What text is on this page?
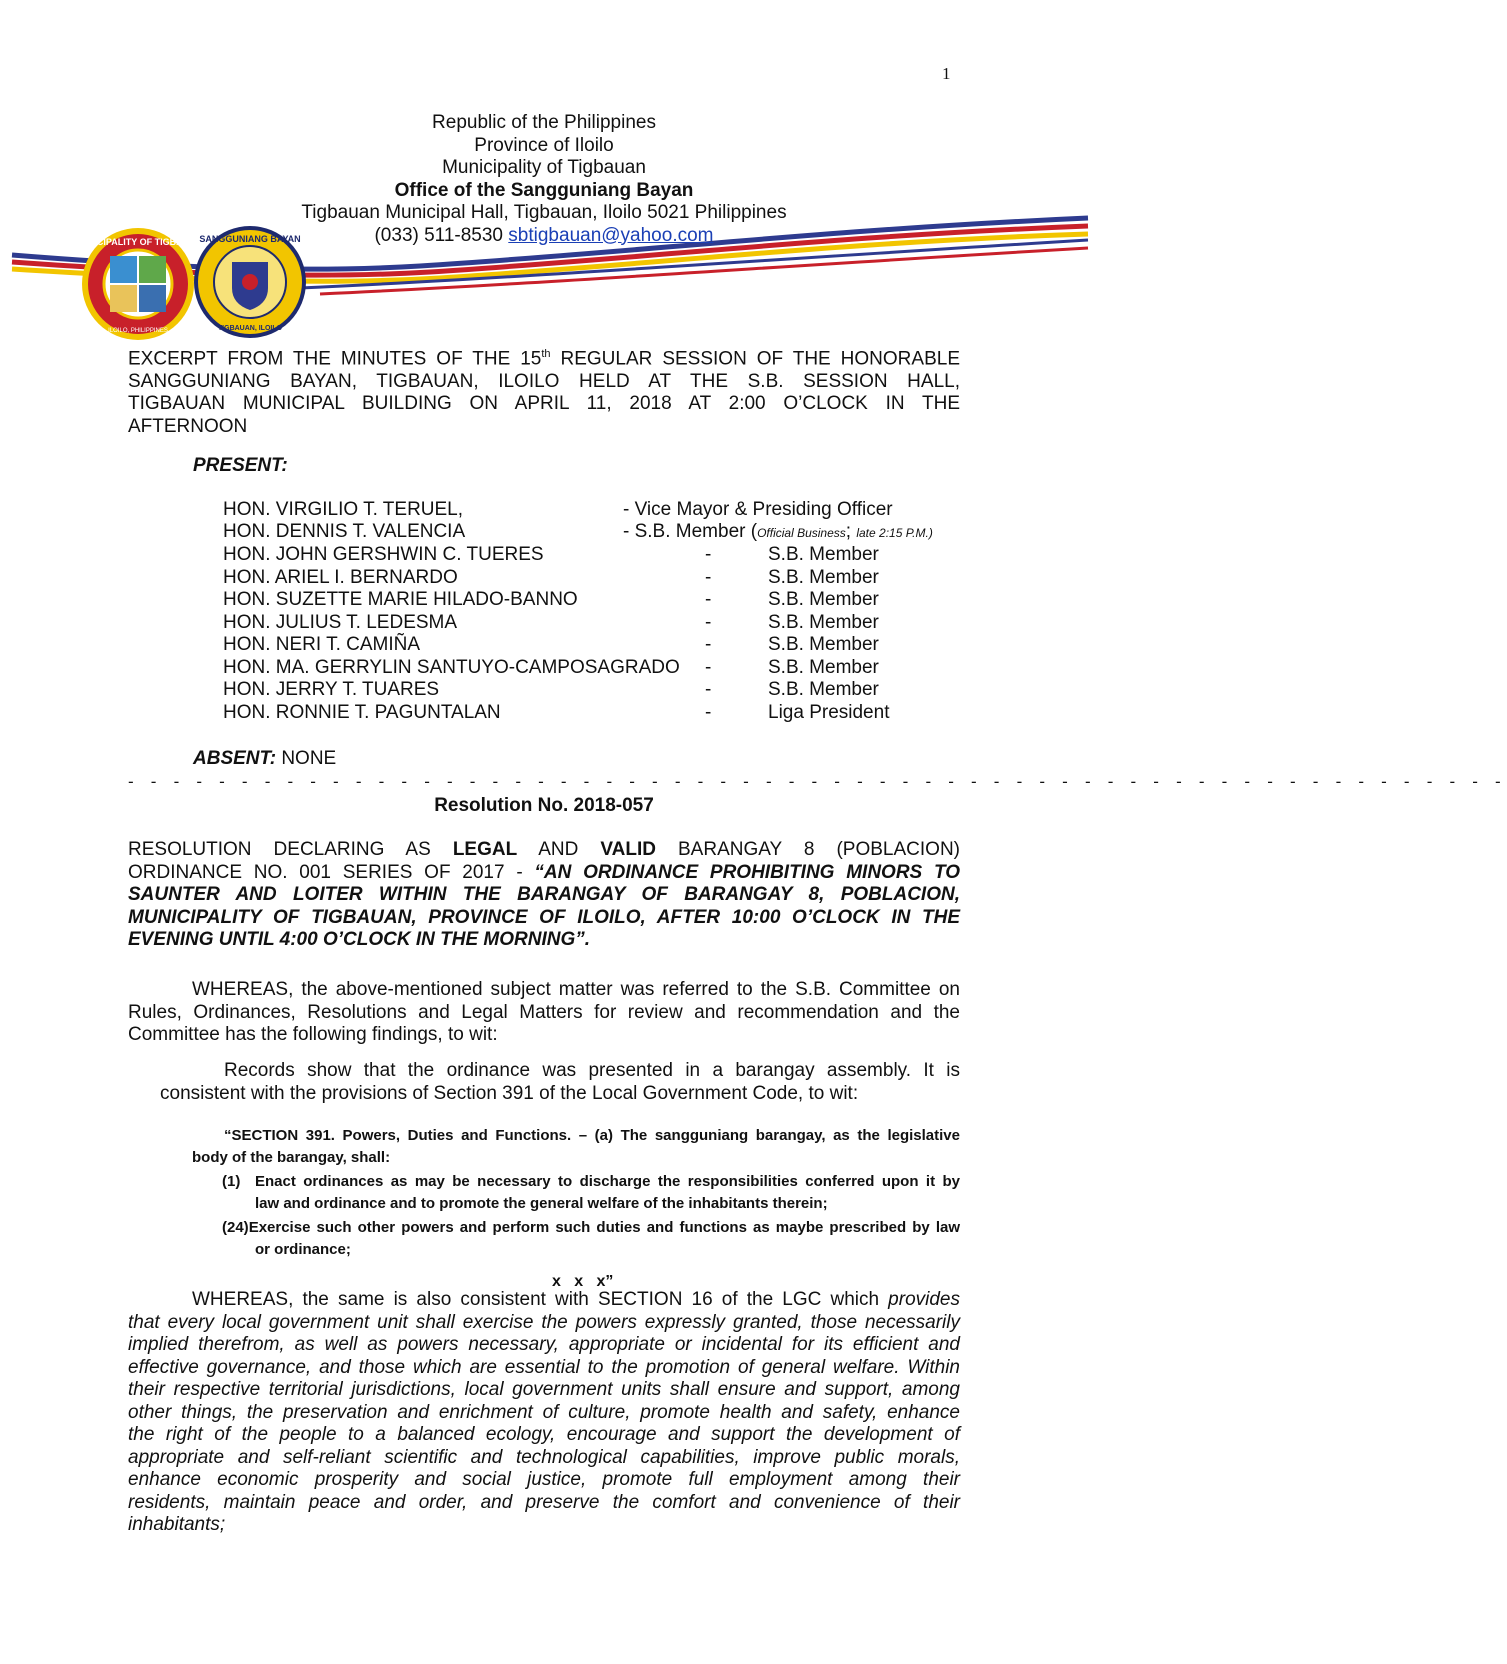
1
MUNICIPALITY OF TIGBAUAN
ILOILO, PHILIPPINES
SANGGUNIANG BAYAN
TIGBAUAN, ILOILO
Republic of the Philippines
Province of Iloilo
Municipality of Tigbauan
Office of the Sangguniang Bayan
Tigbauan Municipal Hall, Tigbauan, Iloilo 5021 Philippines
(033) 511-8530 sbtigbauan@yahoo.com
EXCERPT FROM THE MINUTES OF THE 15th REGULAR SESSION OF THE HONORABLE
SANGGUNIANG BAYAN, TIGBAUAN, ILOILO HELD AT THE S.B. SESSION HALL,
TIGBAUAN MUNICIPAL BUILDING ON APRIL 11, 2018 AT 2:00 O’CLOCK IN THE
AFTERNOON
PRESENT:
HON. VIRGILIO T. TERUEL,	- Vice Mayor & Presiding Officer
HON. DENNIS T. VALENCIA	- S.B. Member (Official Business; late 2:15 P.M.)
HON. JOHN GERSHWIN C. TUERES	-	S.B. Member
HON. ARIEL I. BERNARDO	-	S.B. Member
HON. SUZETTE MARIE HILADO-BANNO	-	S.B. Member
HON. JULIUS T. LEDESMA	-	S.B. Member
HON. NERI T. CAMIÑA	-	S.B. Member
HON. MA. GERRYLIN SANTUYO-CAMPOSAGRADO -	S.B. Member
HON. JERRY T. TUARES	-	S.B. Member
HON. RONNIE T. PAGUNTALAN	-	Liga President
ABSENT: NONE
- - - - - - - - - - - - - - - - - - - - - - - - - - - - - - - - - - - - - - - - - - - - - - - - - - - - - - - - - - - - -
Resolution No. 2018-057
RESOLUTION DECLARING AS LEGAL AND VALID BARANGAY 8 (POBLACION)
ORDINANCE NO. 001 SERIES OF 2017 - “AN ORDINANCE PROHIBITING MINORS TO
SAUNTER AND LOITER WITHIN THE BARANGAY OF BARANGAY 8, POBLACION,
MUNICIPALITY OF TIGBAUAN, PROVINCE OF ILOILO, AFTER 10:00 O’CLOCK IN THE
EVENING UNTIL 4:00 O’CLOCK IN THE MORNING”.
WHEREAS, the above-mentioned subject matter was referred to the S.B. Committee on
Rules, Ordinances, Resolutions and Legal Matters for review and recommendation and the
Committee has the following findings, to wit:
Records show that the ordinance was presented in a barangay assembly. It is
consistent with the provisions of Section 391 of the Local Government Code, to wit:
“SECTION 391. Powers, Duties and Functions. – (a) The sangguniang barangay, as the legislative
body of the barangay, shall:
(1) Enact ordinances as may be necessary to discharge the responsibilities conferred upon it by
law and ordinance and to promote the general welfare of the inhabitants therein;
(24) Exercise such other powers and perform such duties and functions as maybe prescribed by law
or ordinance;
x   x   x”
WHEREAS, the same is also consistent with SECTION 16 of the LGC which provides
that every local government unit shall exercise the powers expressly granted, those necessarily
implied therefrom, as well as powers necessary, appropriate or incidental for its efficient and
effective governance, and those which are essential to the promotion of general welfare. Within
their respective territorial jurisdictions, local government units shall ensure and support, among
other things, the preservation and enrichment of culture, promote health and safety, enhance
the right of the people to a balanced ecology, encourage and support the development of
appropriate and self-reliant scientific and technological capabilities, improve public morals,
enhance economic prosperity and social justice, promote full employment among their
residents, maintain peace and order, and preserve the comfort and convenience of their
inhabitants;
